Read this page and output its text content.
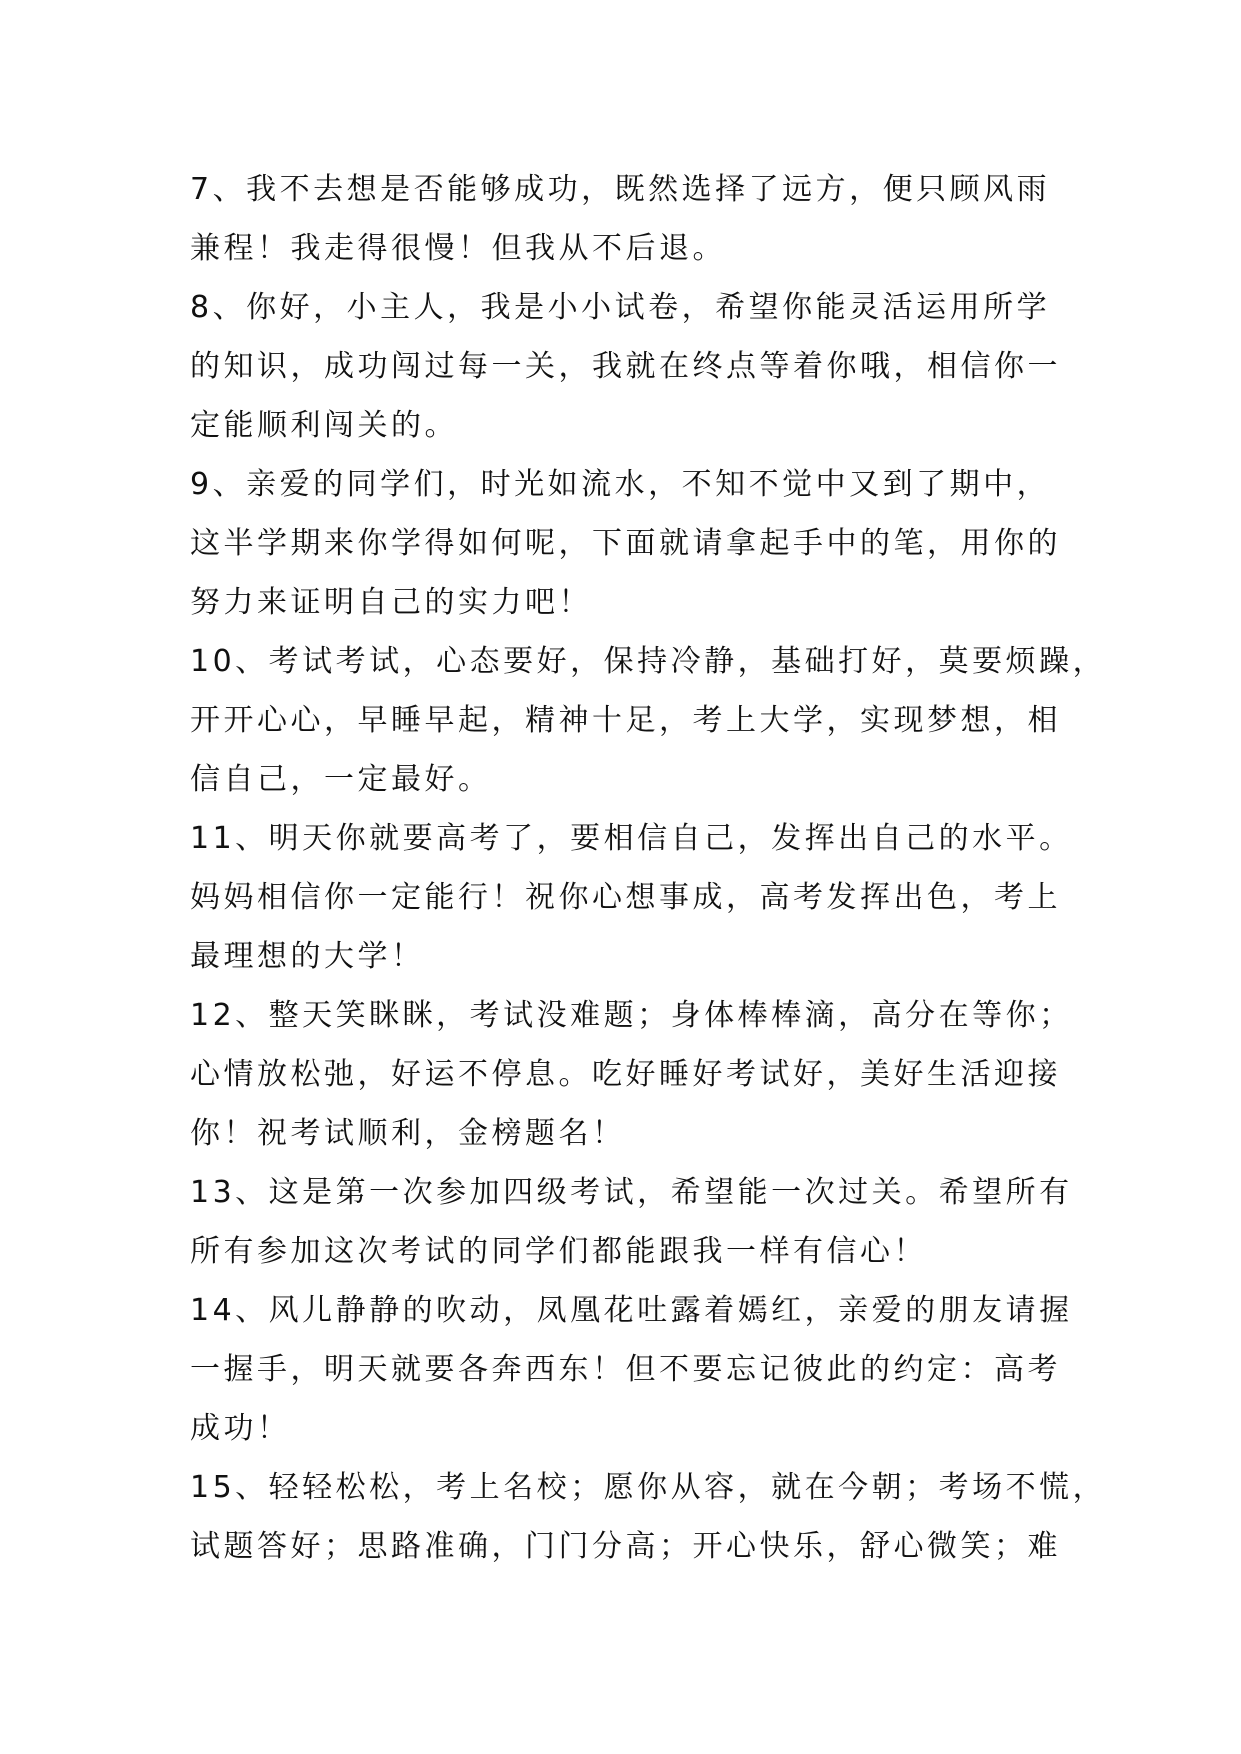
7、我不去想是否能够成功，既然选择了远方，便只顾风雨
兼程！我走得很慢！但我从不后退。

8、你好，小主人，我是小小试卷，希望你能灵活运用所学
的知识，成功闯过每一关，我就在终点等着你哦，相信你一
定能顺利闯关的。

9、亲爱的同学们，时光如流水，不知不觉中又到了期中，
这半学期来你学得如何呢，下面就请拿起手中的笔，用你的
努力来证明自己的实力吧！

10、考试考试，心态要好，保持冷静，基础打好，莫要烦躁，
开开心心，早睡早起，精神十足，考上大学，实现梦想，相
信自己，一定最好。

11、明天你就要高考了，要相信自己，发挥出自己的水平。
妈妈相信你一定能行！祝你心想事成，高考发挥出色，考上
最理想的大学！

12、整天笑眯眯，考试没难题；身体棒棒滴，高分在等你；
心情放松弛，好运不停息。吃好睡好考试好，美好生活迎接
你！祝考试顺利，金榜题名！

13、这是第一次参加四级考试，希望能一次过关。希望所有
所有参加这次考试的同学们都能跟我一样有信心！

14、风儿静静的吹动，凤凰花吐露着嫣红，亲爱的朋友请握
一握手，明天就要各奔西东！但不要忘记彼此的约定：高考
成功！

15、轻轻松松，考上名校；愿你从容，就在今朝；考场不慌，
试题答好；思路准确，门门分高；开心快乐，舒心微笑；难
